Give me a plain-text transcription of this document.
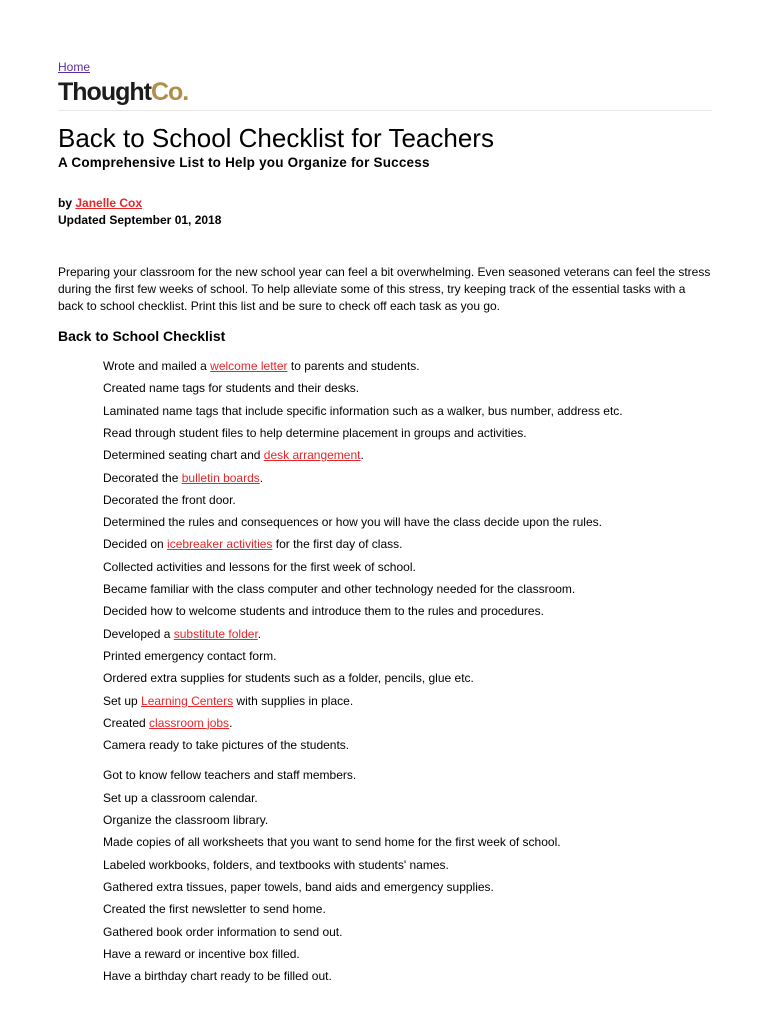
Home
ThoughtCo.
Back to School Checklist for Teachers
A Comprehensive List to Help you Organize for Success
by Janelle Cox
Updated September 01, 2018

Preparing your classroom for the new school year can feel a bit overwhelming. Even seasoned veterans can feel the stress during the first few weeks of school. To help alleviate some of this stress, try keeping track of the essential tasks with a back to school checklist. Print this list and be sure to check off each task as you go.

Back to School Checklist
Wrote and mailed a welcome letter to parents and students.
Created name tags for students and their desks.
Laminated name tags that include specific information such as a walker, bus number, address etc.
Read through student files to help determine placement in groups and activities.
Determined seating chart and desk arrangement.
Decorated the bulletin boards.
Decorated the front door.
Determined the rules and consequences or how you will have the class decide upon the rules.
Decided on icebreaker activities for the first day of class.
Collected activities and lessons for the first week of school.
Became familiar with the class computer and other technology needed for the classroom.
Decided how to welcome students and introduce them to the rules and procedures.
Developed a substitute folder.
Printed emergency contact form.
Ordered extra supplies for students such as a folder, pencils, glue etc.
Set up Learning Centers with supplies in place.
Created classroom jobs.
Camera ready to take pictures of the students.
Got to know fellow teachers and staff members.
Set up a classroom calendar.
Organize the classroom library.
Made copies of all worksheets that you want to send home for the first week of school.
Labeled workbooks, folders, and textbooks with students' names.
Gathered extra tissues, paper towels, band aids and emergency supplies.
Created the first newsletter to send home.
Gathered book order information to send out.
Have a reward or incentive box filled.
Have a birthday chart ready to be filled out.
